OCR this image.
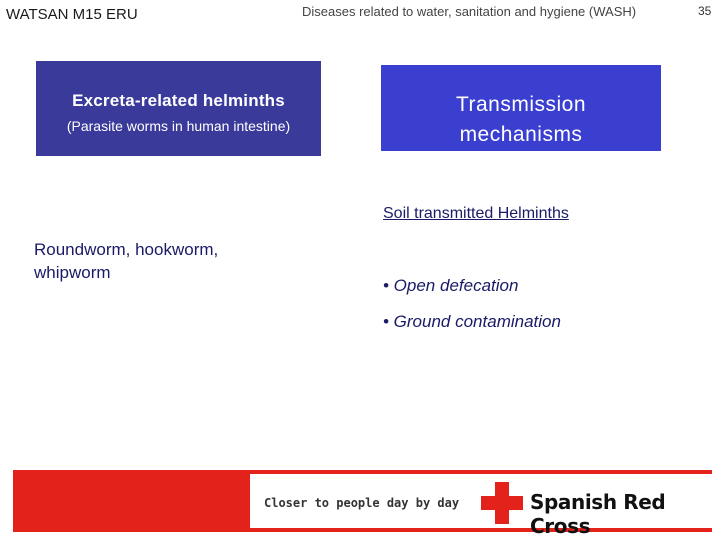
WATSAN M15 ERU	Diseases related to water, sanitation and hygiene (WASH)	35
Excreta-related helminths
(Parasite worms in human intestine)
Transmission mechanisms
Roundworm, hookworm, whipworm
Soil transmitted Helminths
• Open defecation
• Ground contamination
Closer to people day by day	Spanish Red Cross
